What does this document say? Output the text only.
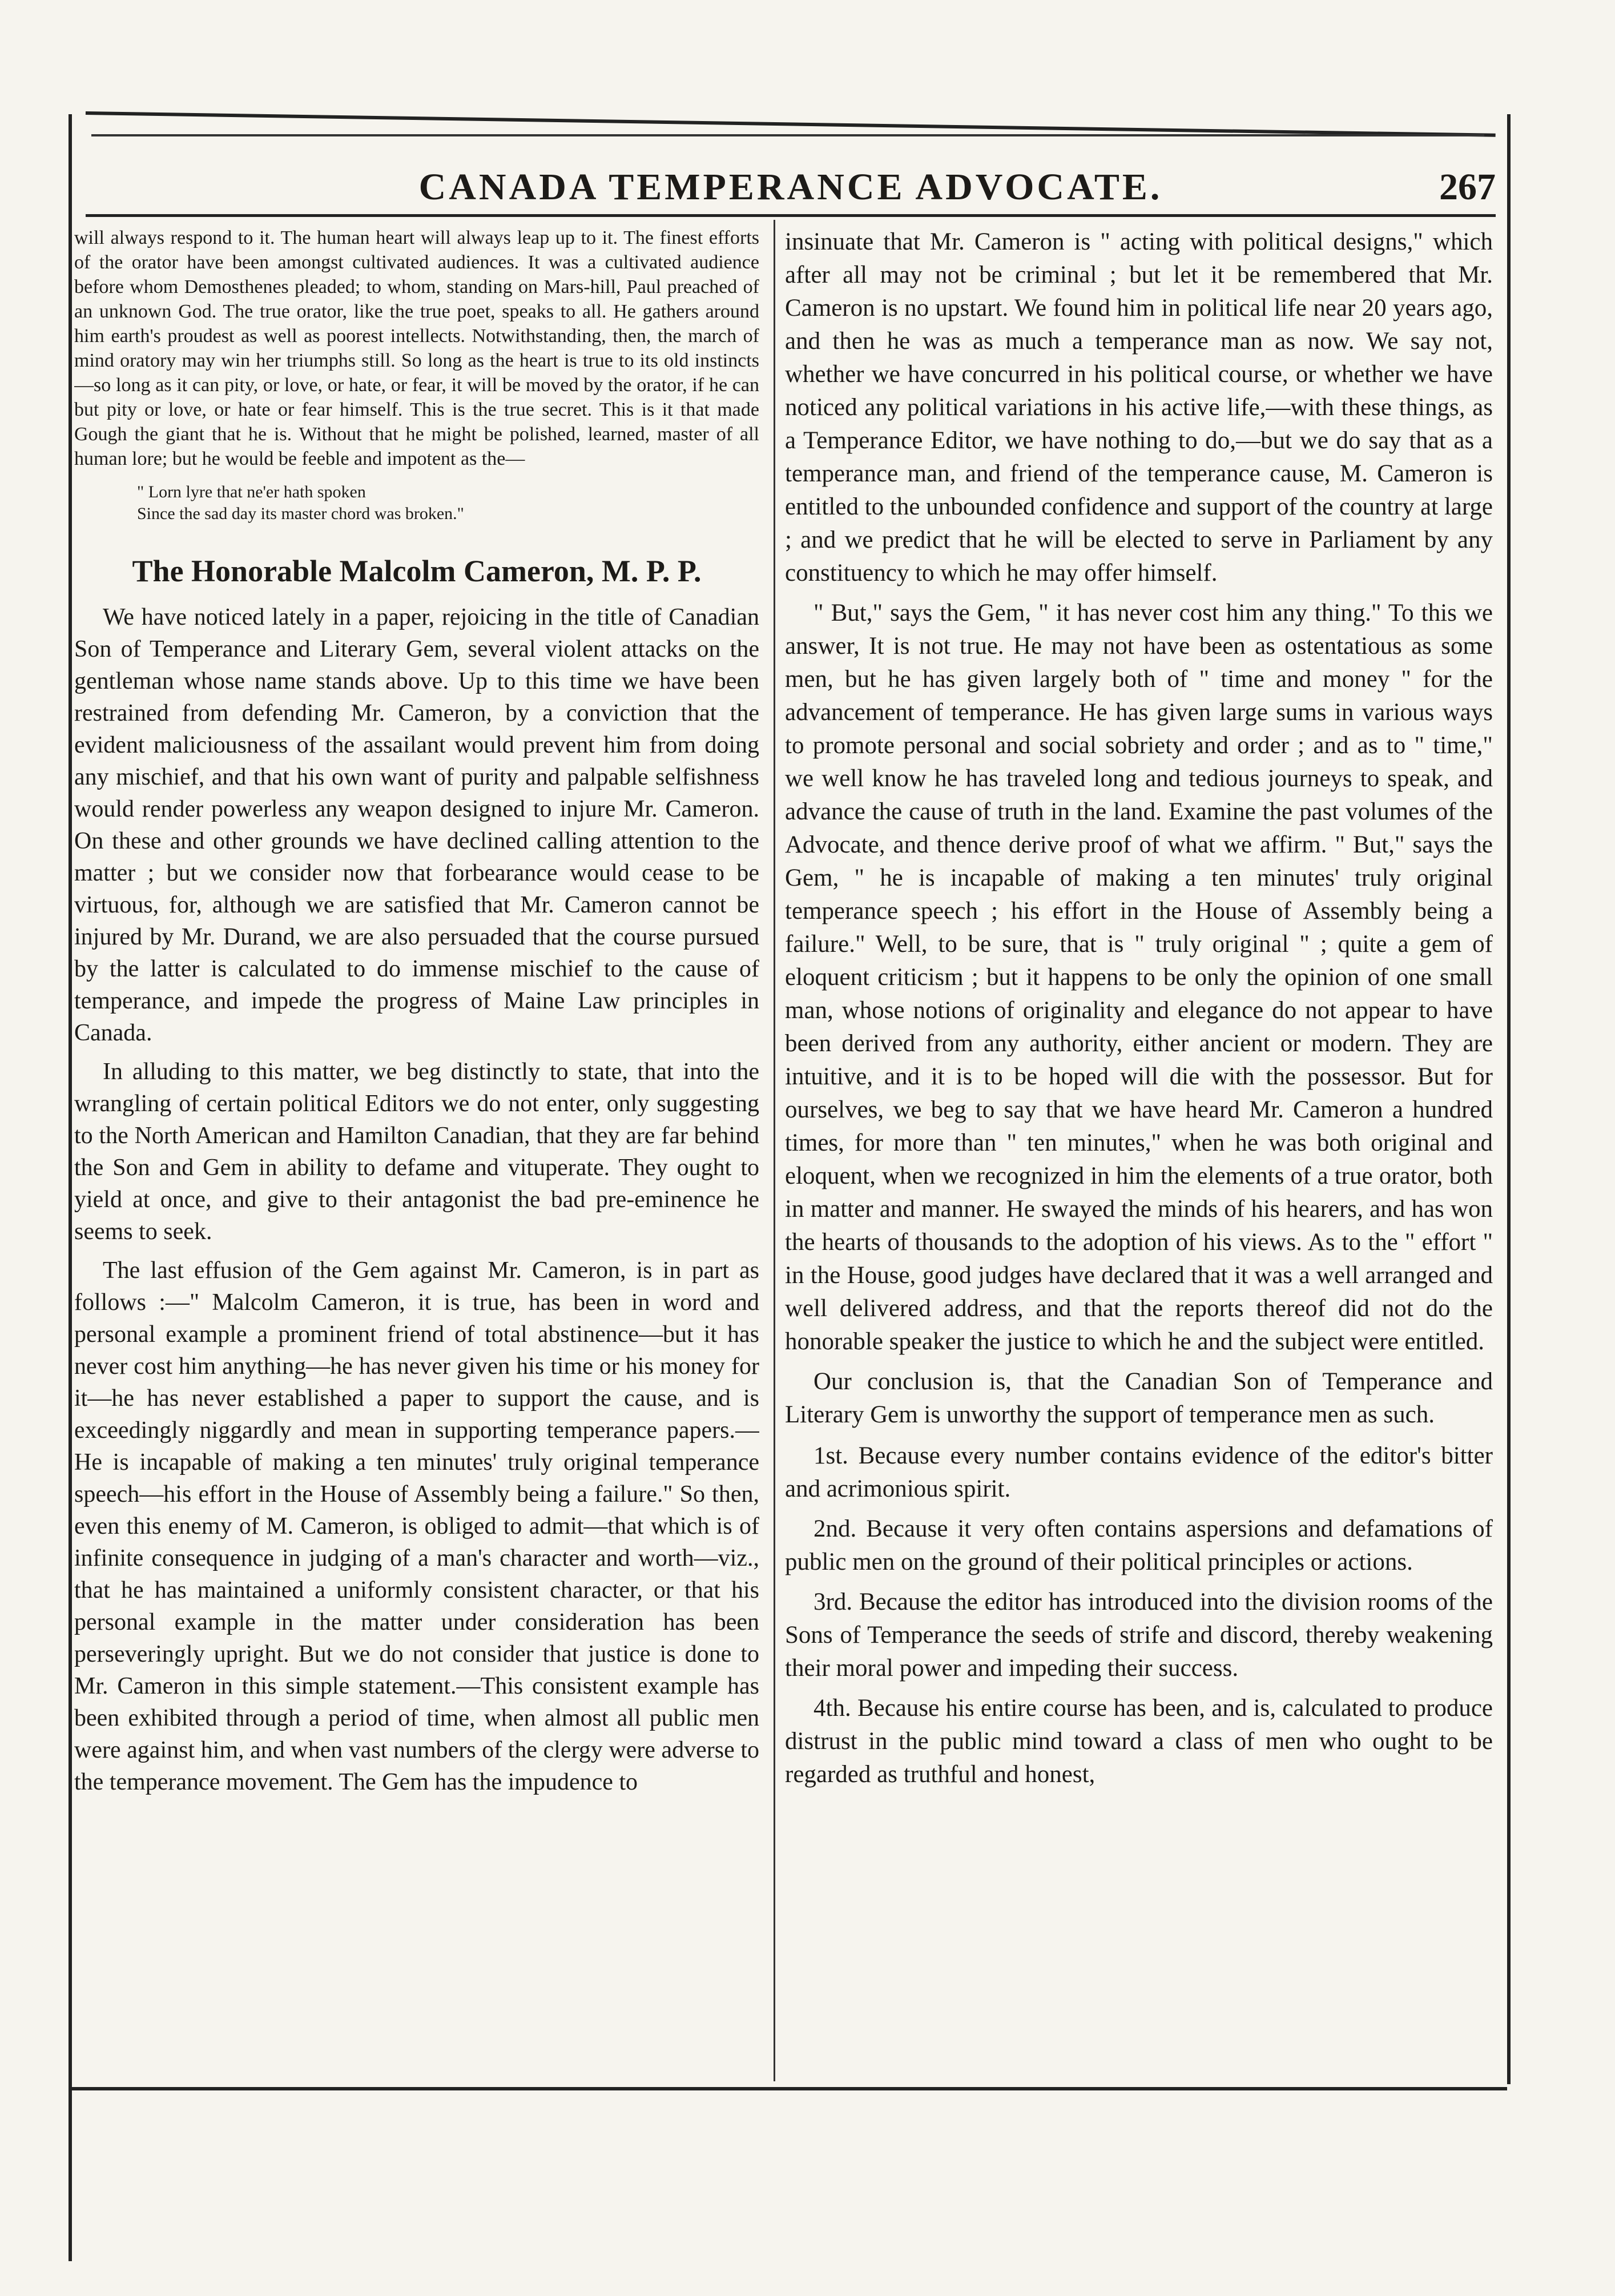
CANADA TEMPERANCE ADVOCATE.	267

will always respond to it. The human heart will always leap up to it. The finest efforts of the orator have been amongst cultivated audiences. It was a cultivated audience before whom Demosthenes pleaded; to whom, standing on Mars-hill, Paul preached of an unknown God. The true orator, like the true poet, speaks to all. He gathers around him earth's proudest as well as poorest intellects. Notwithstanding, then, the march of mind oratory may win her triumphs still. So long as the heart is true to its old instincts—so long as it can pity, or love, or hate, or fear, it will be moved by the orator, if he can but pity or love, or hate or fear himself. This is the true secret. This is it that made Gough the giant that he is. Without that he might be polished, learned, master of all human lore; but he would be feeble and impotent as the—

" Lorn lyre that ne'er hath spoken
Since the sad day its master chord was broken."
The Honorable Malcolm Cameron, M. P. P.

We have noticed lately in a paper, rejoicing in the title of Canadian Son of Temperance and Literary Gem, several violent attacks on the gentleman whose name stands above. Up to this time we have been restrained from defending Mr. Cameron, by a conviction that the evident maliciousness of the assailant would prevent him from doing any mischief, and that his own want of purity and palpable selfishness would render powerless any weapon designed to injure Mr. Cameron. On these and other grounds we have declined calling attention to the matter ; but we consider now that forbearance would cease to be virtuous, for, although we are satisfied that Mr. Cameron cannot be injured by Mr. Durand, we are also persuaded that the course pursued by the latter is calculated to do immense mischief to the cause of temperance, and impede the progress of Maine Law principles in Canada.

In alluding to this matter, we beg distinctly to state, that into the wrangling of certain political Editors we do not enter, only suggesting to the North American and Hamilton Canadian, that they are far behind the Son and Gem in ability to defame and vituperate. They ought to yield at once, and give to their antagonist the bad pre-eminence he seems to seek.

The last effusion of the Gem against Mr. Cameron, is in part as follows :—" Malcolm Cameron, it is true, has been in word and personal example a prominent friend of total abstinence—but it has never cost him anything—he has never given his time or his money for it—he has never established a paper to support the cause, and is exceedingly niggardly and mean in supporting temperance papers.—He is incapable of making a ten minutes' truly original temperance speech—his effort in the House of Assembly being a failure." So then, even this enemy of M. Cameron, is obliged to admit—that which is of infinite consequence in judging of a man's character and worth—viz., that he has maintained a uniformly consistent character, or that his personal example in the matter under consideration has been perseveringly upright. But we do not consider that justice is done to Mr. Cameron in this simple statement.—This consistent example has been exhibited through a period of time, when almost all public men were against him, and when vast numbers of the clergy were adverse to the temperance movement. The Gem has the impudence to

insinuate that Mr. Cameron is " acting with political designs," which after all may not be criminal ; but let it be remembered that Mr. Cameron is no upstart. We found him in political life near 20 years ago, and then he was as much a temperance man as now. We say not, whether we have concurred in his political course, or whether we have noticed any political variations in his active life,—with these things, as a Temperance Editor, we have nothing to do,—but we do say that as a temperance man, and friend of the temperance cause, M. Cameron is entitled to the unbounded confidence and support of the country at large ; and we predict that he will be elected to serve in Parliament by any constituency to which he may offer himself.

" But," says the Gem, " it has never cost him any thing." To this we answer, It is not true. He may not have been as ostentatious as some men, but he has given largely both of " time and money " for the advancement of temperance. He has given large sums in various ways to promote personal and social sobriety and order ; and as to " time," we well know he has traveled long and tedious journeys to speak, and advance the cause of truth in the land. Examine the past volumes of the Advocate, and thence derive proof of what we affirm. " But," says the Gem, " he is incapable of making a ten minutes' truly original temperance speech ; his effort in the House of Assembly being a failure." Well, to be sure, that is " truly original " ; quite a gem of eloquent criticism ; but it happens to be only the opinion of one small man, whose notions of originality and elegance do not appear to have been derived from any authority, either ancient or modern. They are intuitive, and it is to be hoped will die with the possessor. But for ourselves, we beg to say that we have heard Mr. Cameron a hundred times, for more than " ten minutes," when he was both original and eloquent, when we recognized in him the elements of a true orator, both in matter and manner. He swayed the minds of his hearers, and has won the hearts of thousands to the adoption of his views. As to the " effort " in the House, good judges have declared that it was a well arranged and well delivered address, and that the reports thereof did not do the honorable speaker the justice to which he and the subject were entitled.

Our conclusion is, that the Canadian Son of Temperance and Literary Gem is unworthy the support of temperance men as such.

1st. Because every number contains evidence of the editor's bitter and acrimonious spirit.

2nd. Because it very often contains aspersions and defamations of public men on the ground of their political principles or actions.

3rd. Because the editor has introduced into the division rooms of the Sons of Temperance the seeds of strife and discord, thereby weakening their moral power and impeding their success.

4th. Because his entire course has been, and is, calculated to produce distrust in the public mind toward a class of men who ought to be regarded as truthful and honest,
